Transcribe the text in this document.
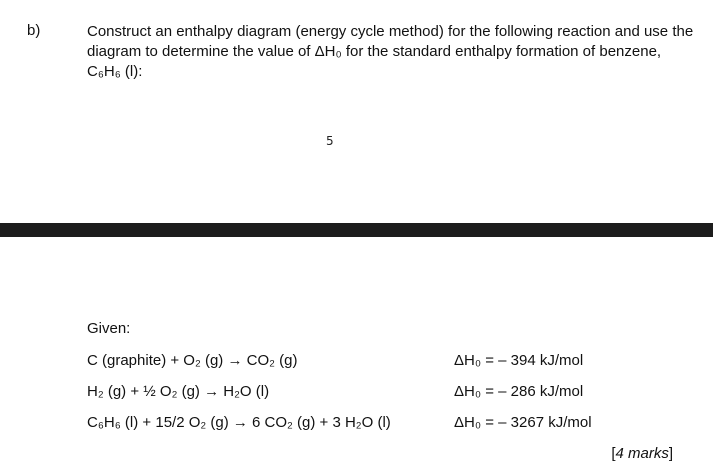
b)	Construct an enthalpy diagram (energy cycle method) for the following reaction and use the diagram to determine the value of ΔH₀ for the standard enthalpy formation of benzene, C₆H₆ (l):
5
Given:
C (graphite) + O₂ (g) → CO₂ (g)	ΔH₀ = – 394 kJ/mol
H₂ (g) + ½ O₂ (g) → H₂O (l)	ΔH₀ = – 286 kJ/mol
C₆H₆ (l) + 15/2 O₂ (g) → 6 CO₂ (g) + 3 H₂O (l)	ΔH₀ = – 3267 kJ/mol
[4 marks]
